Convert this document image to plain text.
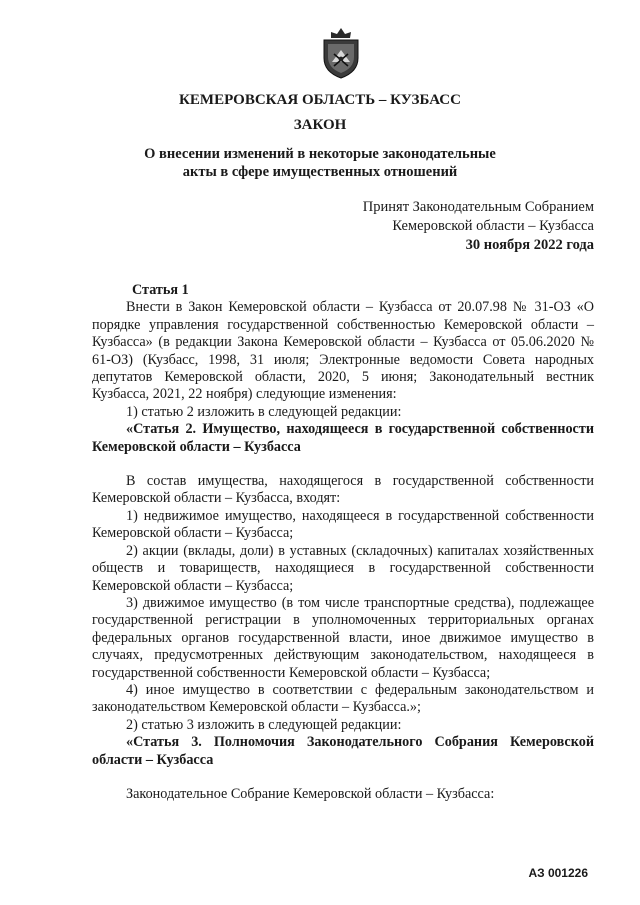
КЕМЕРОВСКАЯ ОБЛАСТЬ – КУЗБАСС
ЗАКОН
О внесении изменений в некоторые законодательные
акты в сфере имущественных отношений
Принят Законодательным Собранием
Кемеровской области – Кузбасса
30 ноября 2022 года

Статья 1

Внести в Закон Кемеровской области – Кузбасса от 20.07.98 № 31-ОЗ «О порядке управления государственной собственностью Кемеровской области – Кузбасса» (в редакции Закона Кемеровской области – Кузбасса от 05.06.2020 № 61-ОЗ) (Кузбасс, 1998, 31 июля; Электронные ведомости Совета народных депутатов Кемеровской области, 2020, 5 июня; Законодательный вестник Кузбасса, 2021, 22 ноября) следующие изменения:

1) статью 2 изложить в следующей редакции:

«Статья 2. Имущество, находящееся в государственной собственности Кемеровской области – Кузбасса

В состав имущества, находящегося в государственной собственности Кемеровской области – Кузбасса, входят:

1) недвижимое имущество, находящееся в государственной собственности Кемеровской области – Кузбасса;

2) акции (вклады, доли) в уставных (складочных) капиталах хозяйственных обществ и товариществ, находящиеся в государственной собственности Кемеровской области – Кузбасса;

3) движимое имущество (в том числе транспортные средства), подлежащее государственной регистрации в уполномоченных территориальных органах федеральных органов государственной власти, иное движимое имущество в случаях, предусмотренных действующим законодательством, находящееся в государственной собственности Кемеровской области – Кузбасса;

4) иное имущество в соответствии с федеральным законодательством и законодательством Кемеровской области – Кузбасса.»;

2) статью 3 изложить в следующей редакции:

«Статья 3. Полномочия Законодательного Собрания Кемеровской области – Кузбасса

Законодательное Собрание Кемеровской области – Кузбасса:

АЗ 001226
